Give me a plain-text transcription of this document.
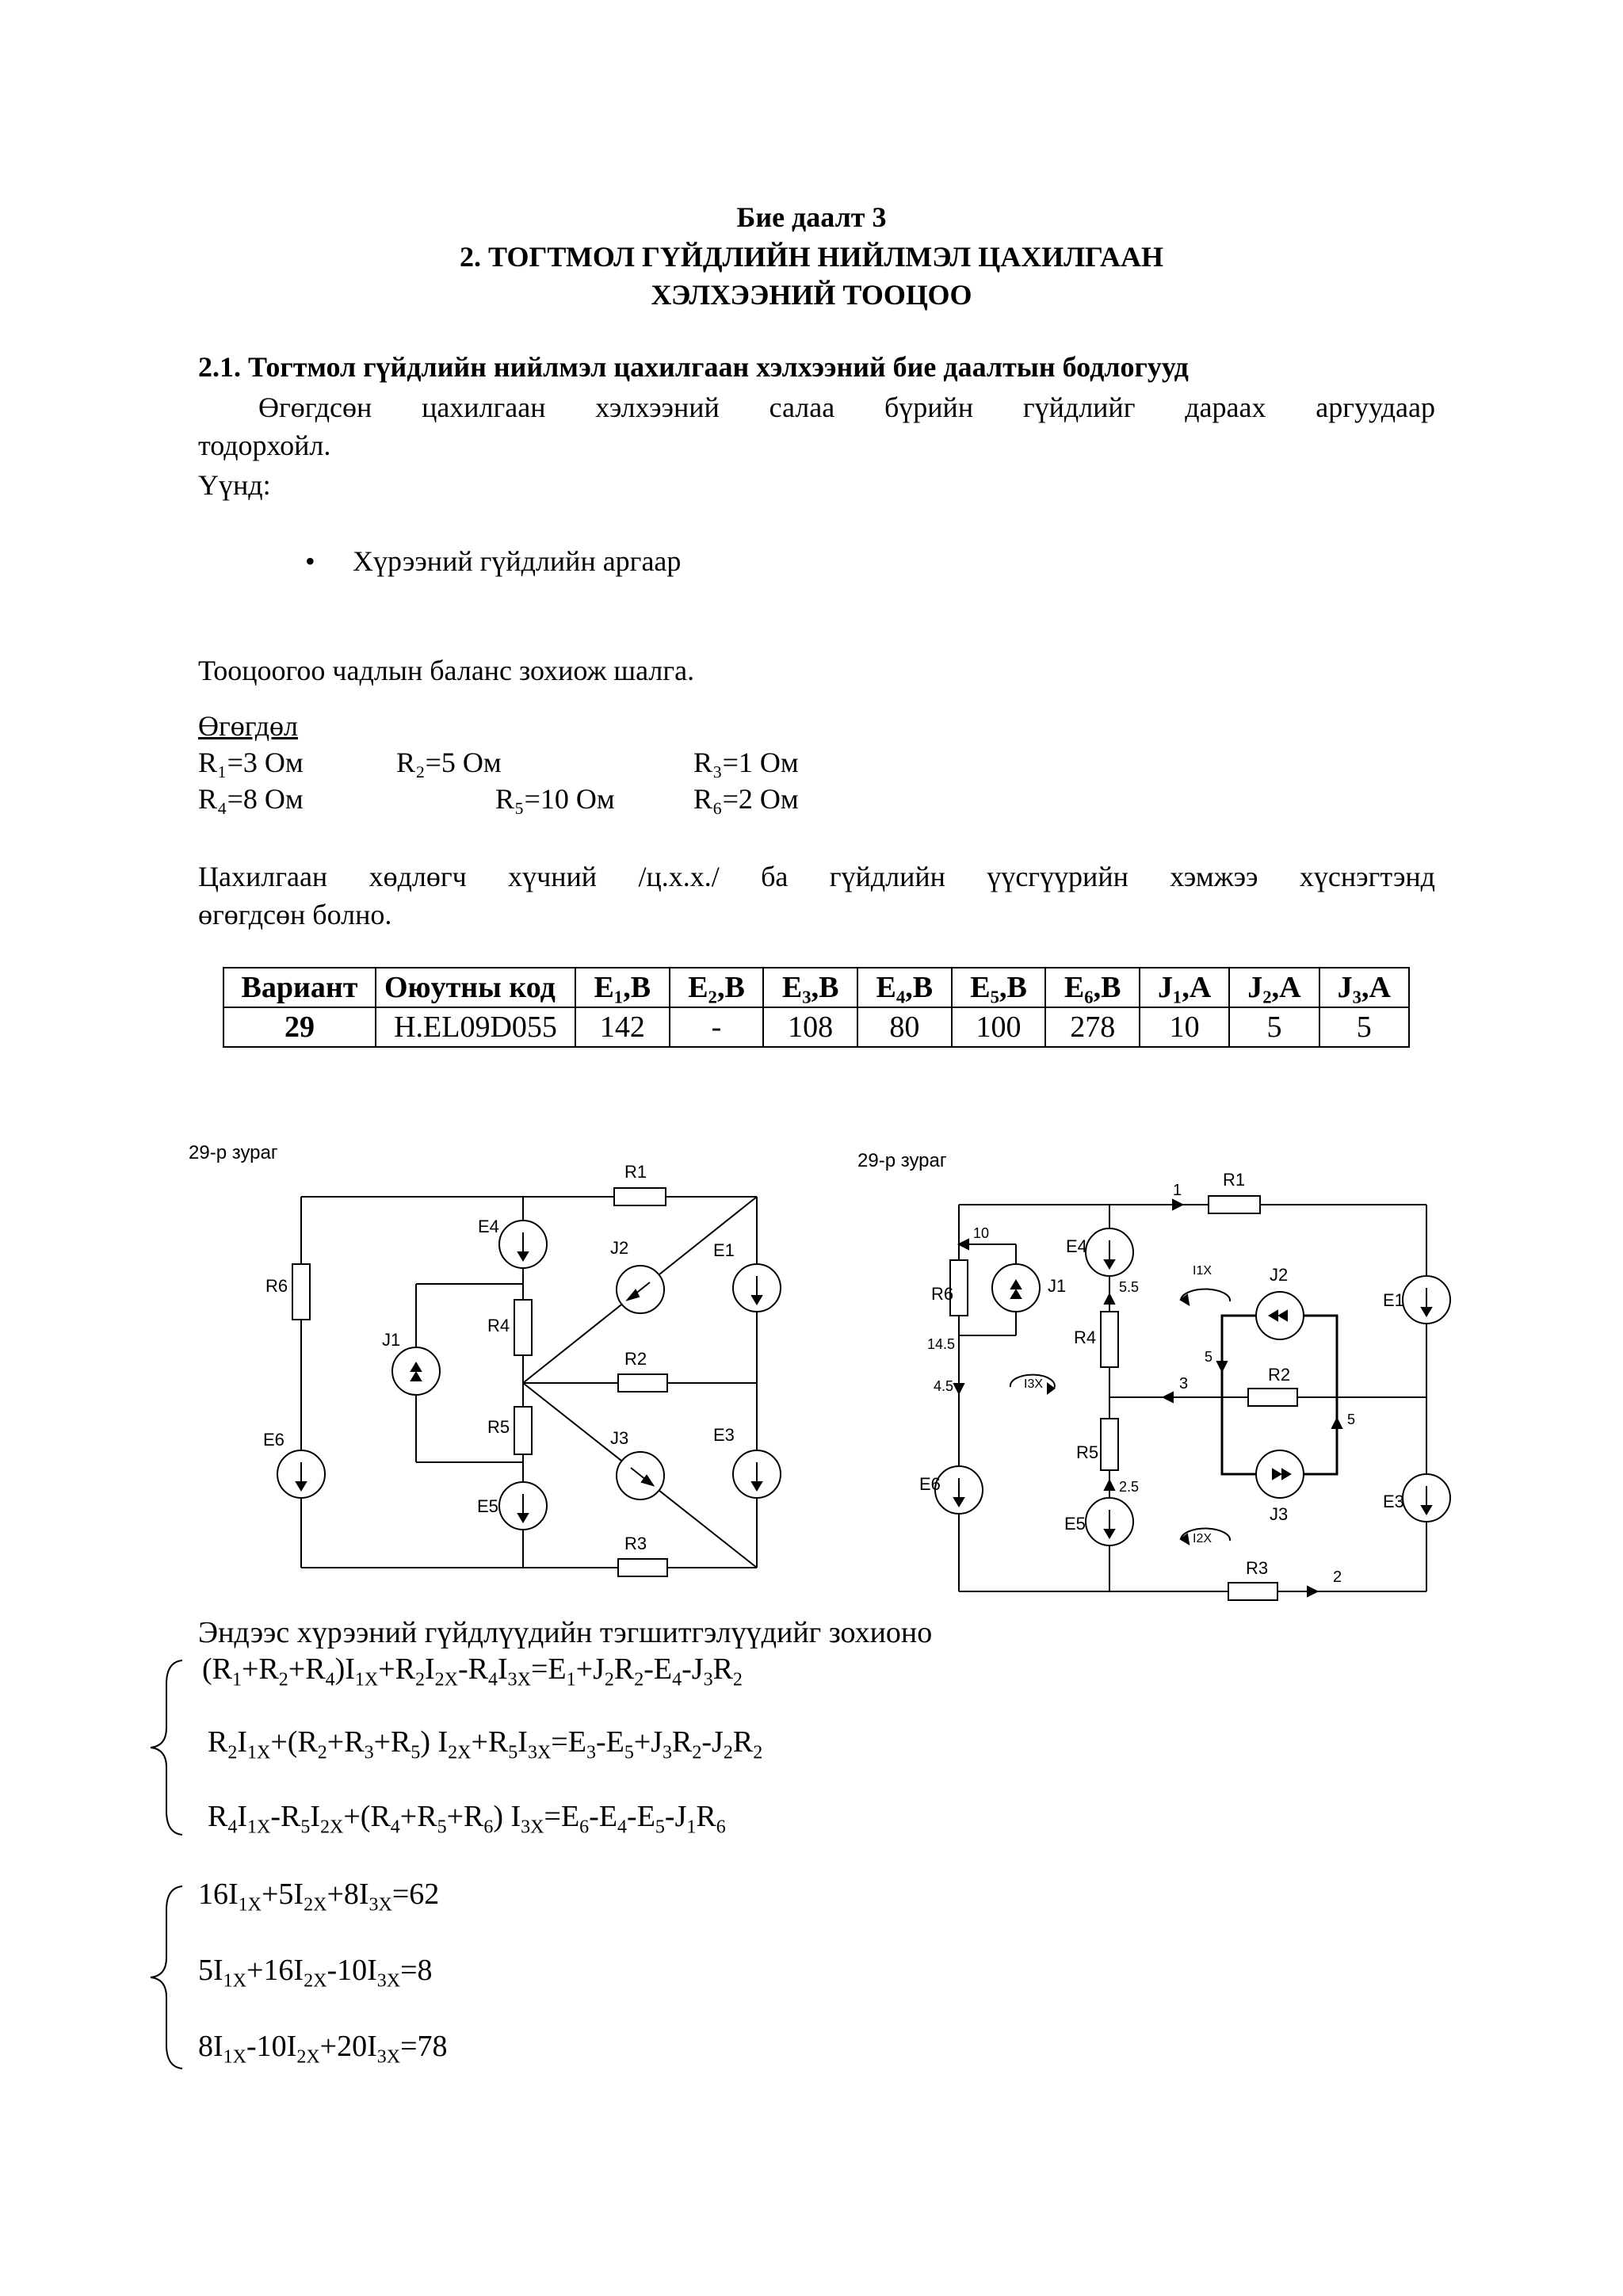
Бие даалт 3
2. ТОГТМОЛ ГҮЙДЛИЙН НИЙЛМЭЛ ЦАХИЛГААН
ХЭЛХЭЭНИЙ ТООЦОО
2.1. Тогтмол гүйдлийн нийлмэл цахилгаан хэлхээний бие даалтын бодлогууд
Өгөгдсөн цахилгаан хэлхээний салаа бүрийн гүйдлийг дараах аргуудаар
тодорхойл.
Үүнд:
• Хүрээний гүйдлийн аргаар
Тооцоогоо чадлын баланс зохиож шалга.
Өгөгдөл
R₁=3 Ом	R₂=5 Ом	R₃=1 Ом
R₄=8 Ом	R₅=10 Ом	R₆=2 Ом
Цахилгаан хөдлөгч хүчний /ц.х.х./ ба гүйдлийн үүсгүүрийн хэмжээ хүснэгтэнд
өгөгдсөн болно.
Вариант	Оюутны код	E₁,В	E₂,В	E₃,В	E₄,В	E₅,В	E₆,В	J₁,А	J₂,А	J₃,А
29	H.EL09D055	142	-	108	80	100	278	10	5	5
29-р зураг
R1
R6
E6
J1
E4
R4
R5
E5
R2
J2
J3
R3
E1
E3
29-р зураг
1
R1
R6
10
J1
14.5
4.5
E6
I3X
E4
5.5
R4
R5
2.5
E5
3	R2
5
5
J2
J3
I1X
I2X
R3	2
E1
E3
Эндээс хүрээний гүйдлүүдийн тэгшитгэлүүдийг зохионо
$(R_1+R_2+R_4)I_{1X}+R_2I_{2X}-R_4I_{3X}=E_1+J_2R_2-E_4-J_3R_2$
$R_2I_{1X}+(R_2+R_3+R_5)$ $I_{2X}+R_5I_{3X}=E_3-E_5+J_3R_2-J_2R_2$
$R_4I_{1X}-R_5I_{2X}+(R_4+R_5+R_6)$ $I_{3X}=E_6-E_4-E_5-J_1R_6$
$16I_{1X}+5I_{2X}+8I_{3X}=62$
$5I_{1X}+16I_{2X}-10I_{3X}=8$
$8I_{1X}-10I_{2X}+20I_{3X}=78$
